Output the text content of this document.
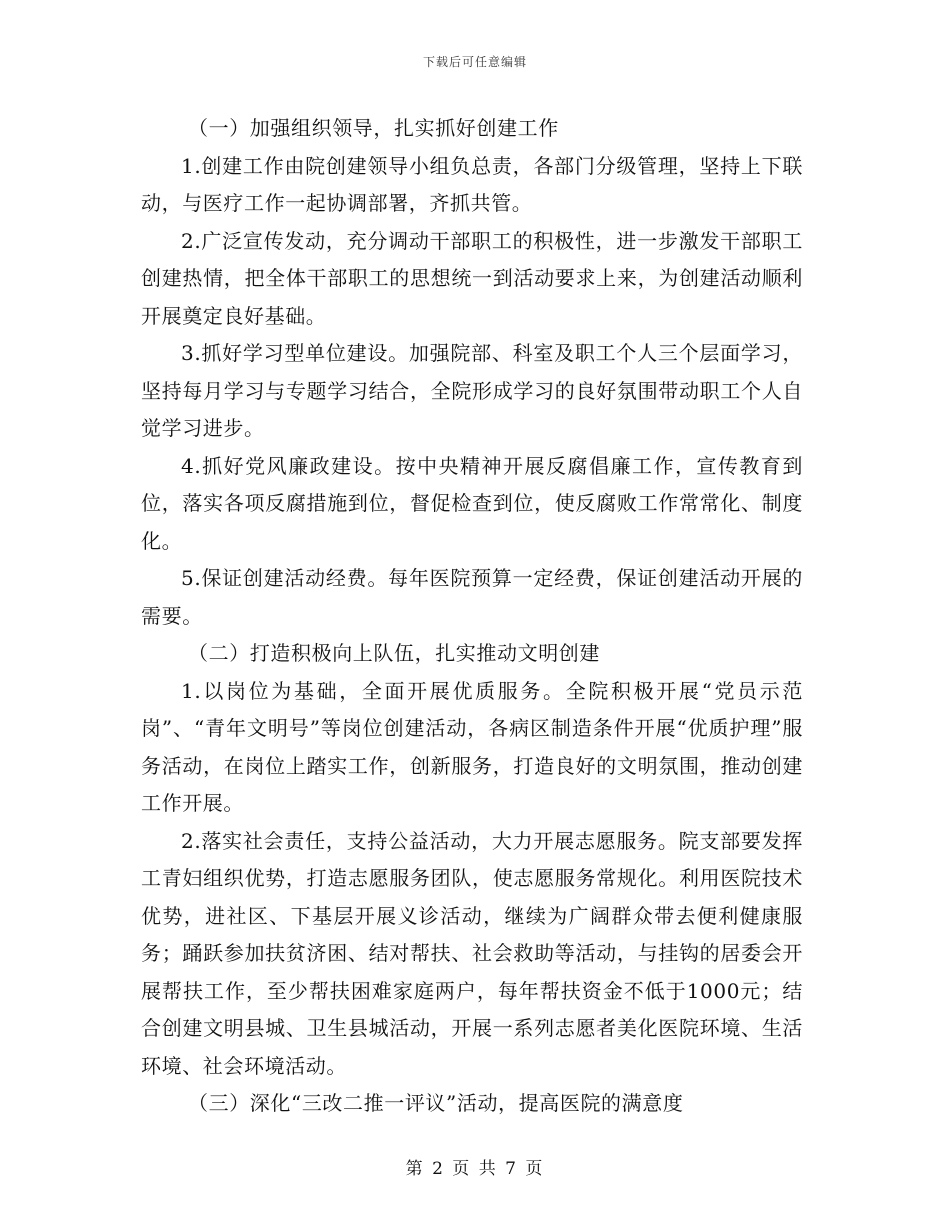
下载后可任意编辑

（一）加强组织领导，扎实抓好创建工作

1.创建工作由院创建领导小组负总责，各部门分级管理，坚持上下联动，与医疗工作一起协调部署，齐抓共管。

2.广泛宣传发动，充分调动干部职工的积极性，进一步激发干部职工创建热情，把全体干部职工的思想统一到活动要求上来，为创建活动顺利开展奠定良好基础。

3.抓好学习型单位建设。加强院部、科室及职工个人三个层面学习，坚持每月学习与专题学习结合，全院形成学习的良好氛围带动职工个人自觉学习进步。

4.抓好党风廉政建设。按中央精神开展反腐倡廉工作，宣传教育到位，落实各项反腐措施到位，督促检查到位，使反腐败工作常常化、制度化。

5.保证创建活动经费。每年医院预算一定经费，保证创建活动开展的需要。

（二）打造积极向上队伍，扎实推动文明创建

1.以岗位为基础，全面开展优质服务。全院积极开展“党员示范岗”、“青年文明号”等岗位创建活动，各病区制造条件开展“优质护理”服务活动，在岗位上踏实工作，创新服务，打造良好的文明氛围，推动创建工作开展。

2.落实社会责任，支持公益活动，大力开展志愿服务。院支部要发挥工青妇组织优势，打造志愿服务团队，使志愿服务常规化。利用医院技术优势，进社区、下基层开展义诊活动，继续为广阔群众带去便利健康服务；踊跃参加扶贫济困、结对帮扶、社会救助等活动，与挂钩的居委会开展帮扶工作，至少帮扶困难家庭两户，每年帮扶资金不低于1000元；结合创建文明县城、卫生县城活动，开展一系列志愿者美化医院环境、生活环境、社会环境活动。

（三）深化“三改二推一评议”活动，提高医院的满意度

第 2 页 共 7 页
